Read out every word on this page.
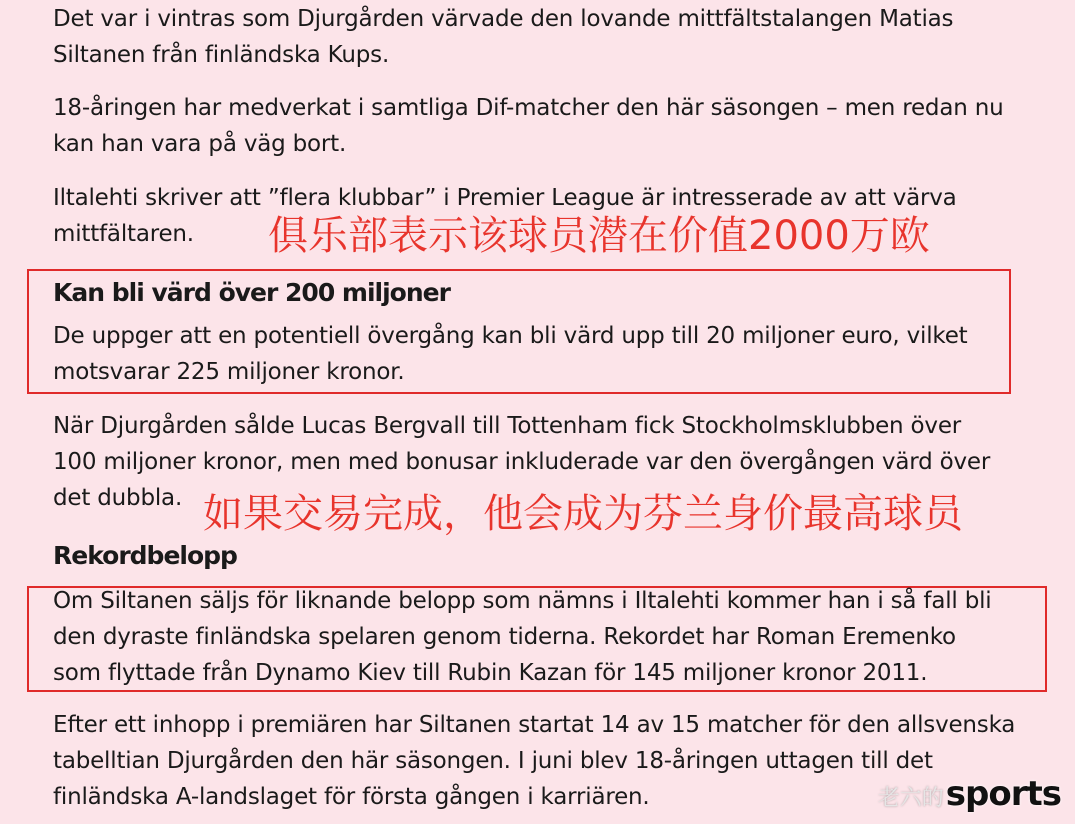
Det var i vintras som Djurgården värvade den lovande mittfältstalangen Matias
Siltanen från finländska Kups.

18-åringen har medverkat i samtliga Dif-matcher den här säsongen – men redan nu
kan han vara på väg bort.

Iltalehti skriver att ”flera klubbar” i Premier League är intresserade av att värva
mittfältaren.	俱乐部表示该球员潜在价值2000万欧
Kan bli värd över 200 miljoner

De uppger att en potentiell övergång kan bli värd upp till 20 miljoner euro, vilket
motsvarar 225 miljoner kronor.

När Djurgården sålde Lucas Bergvall till Tottenham fick Stockholmsklubben över
100 miljoner kronor, men med bonusar inkluderade var den övergången värd över
det dubbla. 如果交易完成，他会成为芬兰身价最高球员
Rekordbelopp

Om Siltanen säljs för liknande belopp som nämns i Iltalehti kommer han i så fall bli
den dyraste finländska spelaren genom tiderna. Rekordet har Roman Eremenko
som flyttade från Dynamo Kiev till Rubin Kazan för 145 miljoner kronor 2011.

Efter ett inhopp i premiären har Siltanen startat 14 av 15 matcher för den allsvenska
tabelltian Djurgården den här säsongen. I juni blev 18-åringen uttagen till det
finländska A-landslaget för första gången i karriären.	老六的 sports
